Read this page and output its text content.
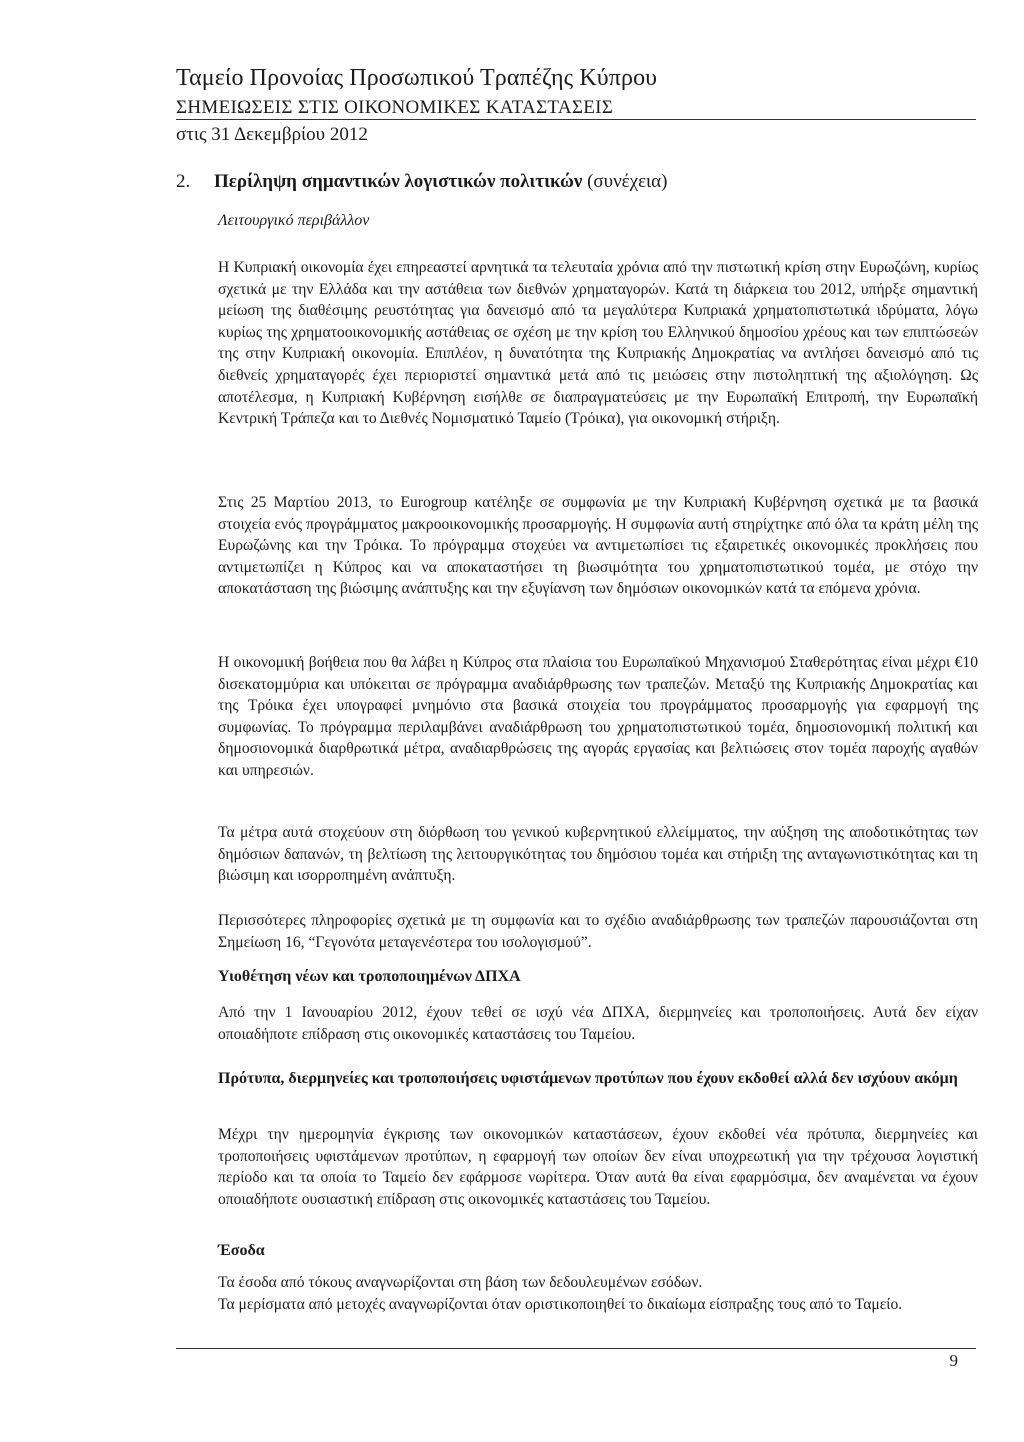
Ταμείο Προνοίας Προσωπικού Τραπέζης Κύπρου
ΣΗΜΕΙΩΣΕΙΣ ΣΤΙΣ ΟΙΚΟΝΟΜΙΚΕΣ ΚΑΤΑΣΤΑΣΕΙΣ
στις 31 Δεκεμβρίου 2012
2. Περίληψη σημαντικών λογιστικών πολιτικών (συνέχεια)
Λειτουργικό περιβάλλον

Η Κυπριακή οικονομία έχει επηρεαστεί αρνητικά τα τελευταία χρόνια από την πιστωτική κρίση στην Ευρωζώνη, κυρίως σχετικά με την Ελλάδα και την αστάθεια των διεθνών χρηματαγορών. Κατά τη διάρκεια του 2012, υπήρξε σημαντική μείωση της διαθέσιμης ρευστότητας για δανεισμό από τα μεγαλύτερα Κυπριακά χρηματοπιστωτικά ιδρύματα, λόγω κυρίως της χρηματοοικονομικής αστάθειας σε σχέση με την κρίση του Ελληνικού δημοσίου χρέους και των επιπτώσεών της στην Κυπριακή οικονομία. Επιπλέον, η δυνατότητα της Κυπριακής Δημοκρατίας να αντλήσει δανεισμό από τις διεθνείς χρηματαγορές έχει περιοριστεί σημαντικά μετά από τις μειώσεις στην πιστοληπτική της αξιολόγηση. Ως αποτέλεσμα, η Κυπριακή Κυβέρνηση εισήλθε σε διαπραγματεύσεις με την Ευρωπαϊκή Επιτροπή, την Ευρωπαϊκή Κεντρική Τράπεζα και το Διεθνές Νομισματικό Ταμείο (Τρόικα), για οικονομική στήριξη.

Στις 25 Μαρτίου 2013, το Eurogroup κατέληξε σε συμφωνία με την Κυπριακή Κυβέρνηση σχετικά με τα βασικά στοιχεία ενός προγράμματος μακροοικονομικής προσαρμογής. Η συμφωνία αυτή στηρίχτηκε από όλα τα κράτη μέλη της Ευρωζώνης και την Τρόικα. Το πρόγραμμα στοχεύει να αντιμετωπίσει τις εξαιρετικές οικονομικές προκλήσεις που αντιμετωπίζει η Κύπρος και να αποκαταστήσει τη βιωσιμότητα του χρηματοπιστωτικού τομέα, με στόχο την αποκατάσταση της βιώσιμης ανάπτυξης και την εξυγίανση των δημόσιων οικονομικών κατά τα επόμενα χρόνια.

Η οικονομική βοήθεια που θα λάβει η Κύπρος στα πλαίσια του Ευρωπαϊκού Μηχανισμού Σταθερότητας είναι μέχρι €10 δισεκατομμύρια και υπόκειται σε πρόγραμμα αναδιάρθρωσης των τραπεζών. Μεταξύ της Κυπριακής Δημοκρατίας και της Τρόικα έχει υπογραφεί μνημόνιο στα βασικά στοιχεία του προγράμματος προσαρμογής για εφαρμογή της συμφωνίας. Το πρόγραμμα περιλαμβάνει αναδιάρθρωση του χρηματοπιστωτικού τομέα, δημοσιονομική πολιτική και δημοσιονομικά διαρθρωτικά μέτρα, αναδιαρθρώσεις της αγοράς εργασίας και βελτιώσεις στον τομέα παροχής αγαθών και υπηρεσιών.

Τα μέτρα αυτά στοχεύουν στη διόρθωση του γενικού κυβερνητικού ελλείμματος, την αύξηση της αποδοτικότητας των δημόσιων δαπανών, τη βελτίωση της λειτουργικότητας του δημόσιου τομέα και στήριξη της ανταγωνιστικότητας και τη βιώσιμη και ισορροπημένη ανάπτυξη.

Περισσότερες πληροφορίες σχετικά με τη συμφωνία και το σχέδιο αναδιάρθρωσης των τραπεζών παρουσιάζονται στη Σημείωση 16, “Γεγονότα μεταγενέστερα του ισολογισμού”.

Υιοθέτηση νέων και τροποποιημένων ΔΠΧΑ

Από την 1 Ιανουαρίου 2012, έχουν τεθεί σε ισχύ νέα ΔΠΧΑ, διερμηνείες και τροποποιήσεις. Αυτά δεν είχαν οποιαδήποτε επίδραση στις οικονομικές καταστάσεις του Ταμείου.

Πρότυπα, διερμηνείες και τροποποιήσεις υφιστάμενων προτύπων που έχουν εκδοθεί αλλά δεν ισχύουν ακόμη

Μέχρι την ημερομηνία έγκρισης των οικονομικών καταστάσεων, έχουν εκδοθεί νέα πρότυπα, διερμηνείες και τροποποιήσεις υφιστάμενων προτύπων, η εφαρμογή των οποίων δεν είναι υποχρεωτική για την τρέχουσα λογιστική περίοδο και τα οποία το Ταμείο δεν εφάρμοσε νωρίτερα. Όταν αυτά θα είναι εφαρμόσιμα, δεν αναμένεται να έχουν οποιαδήποτε ουσιαστική επίδραση στις οικονομικές καταστάσεις του Ταμείου.

Έσοδα

Τα έσοδα από τόκους αναγνωρίζονται στη βάση των δεδουλευμένων εσόδων.

Τα μερίσματα από μετοχές αναγνωρίζονται όταν οριστικοποιηθεί το δικαίωμα είσπραξης τους από το Ταμείο.

9
